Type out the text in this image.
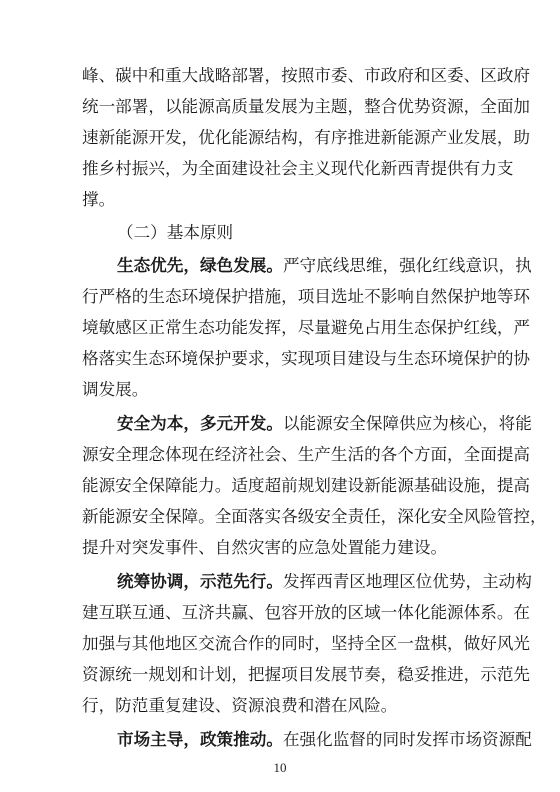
峰、碳中和重大战略部署，按照市委、市政府和区委、区政府
统一部署，以能源高质量发展为主题，整合优势资源，全面加
速新能源开发，优化能源结构，有序推进新能源产业发展，助
推乡村振兴，为全面建设社会主义现代化新西青提供有力支
撑。
（二）基本原则
生态优先，绿色发展。严守底线思维，强化红线意识，执
行严格的生态环境保护措施，项目选址不影响自然保护地等环
境敏感区正常生态功能发挥，尽量避免占用生态保护红线，严
格落实生态环境保护要求，实现项目建设与生态环境保护的协
调发展。
安全为本，多元开发。以能源安全保障供应为核心，将能
源安全理念体现在经济社会、生产生活的各个方面，全面提高
能源安全保障能力。适度超前规划建设新能源基础设施，提高
新能源安全保障。全面落实各级安全责任，深化安全风险管控，
提升对突发事件、自然灾害的应急处置能力建设。
统筹协调，示范先行。发挥西青区地理区位优势，主动构
建互联互通、互济共赢、包容开放的区域一体化能源体系。在
加强与其他地区交流合作的同时，坚持全区一盘棋，做好风光
资源统一规划和计划，把握项目发展节奏，稳妥推进，示范先
行，防范重复建设、资源浪费和潜在风险。
市场主导，政策推动。在强化监督的同时发挥市场资源配
10
